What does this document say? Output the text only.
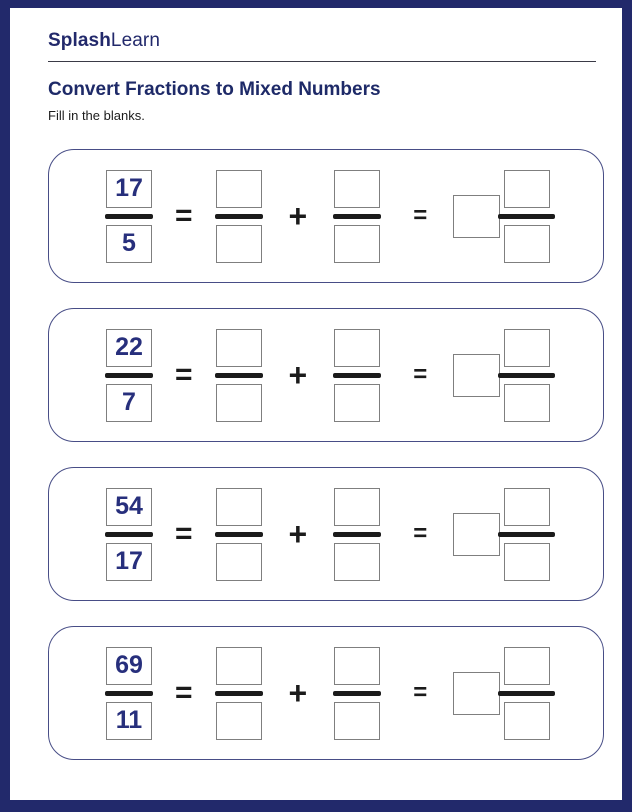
SplashLearn
Convert Fractions to Mixed Numbers
Fill in the blanks.
$\frac{17}{5}$ =	+	=
$\frac{22}{7}$ =	+	=
$\frac{54}{17}$ =	+	=
$\frac{69}{11}$ =	+	=
